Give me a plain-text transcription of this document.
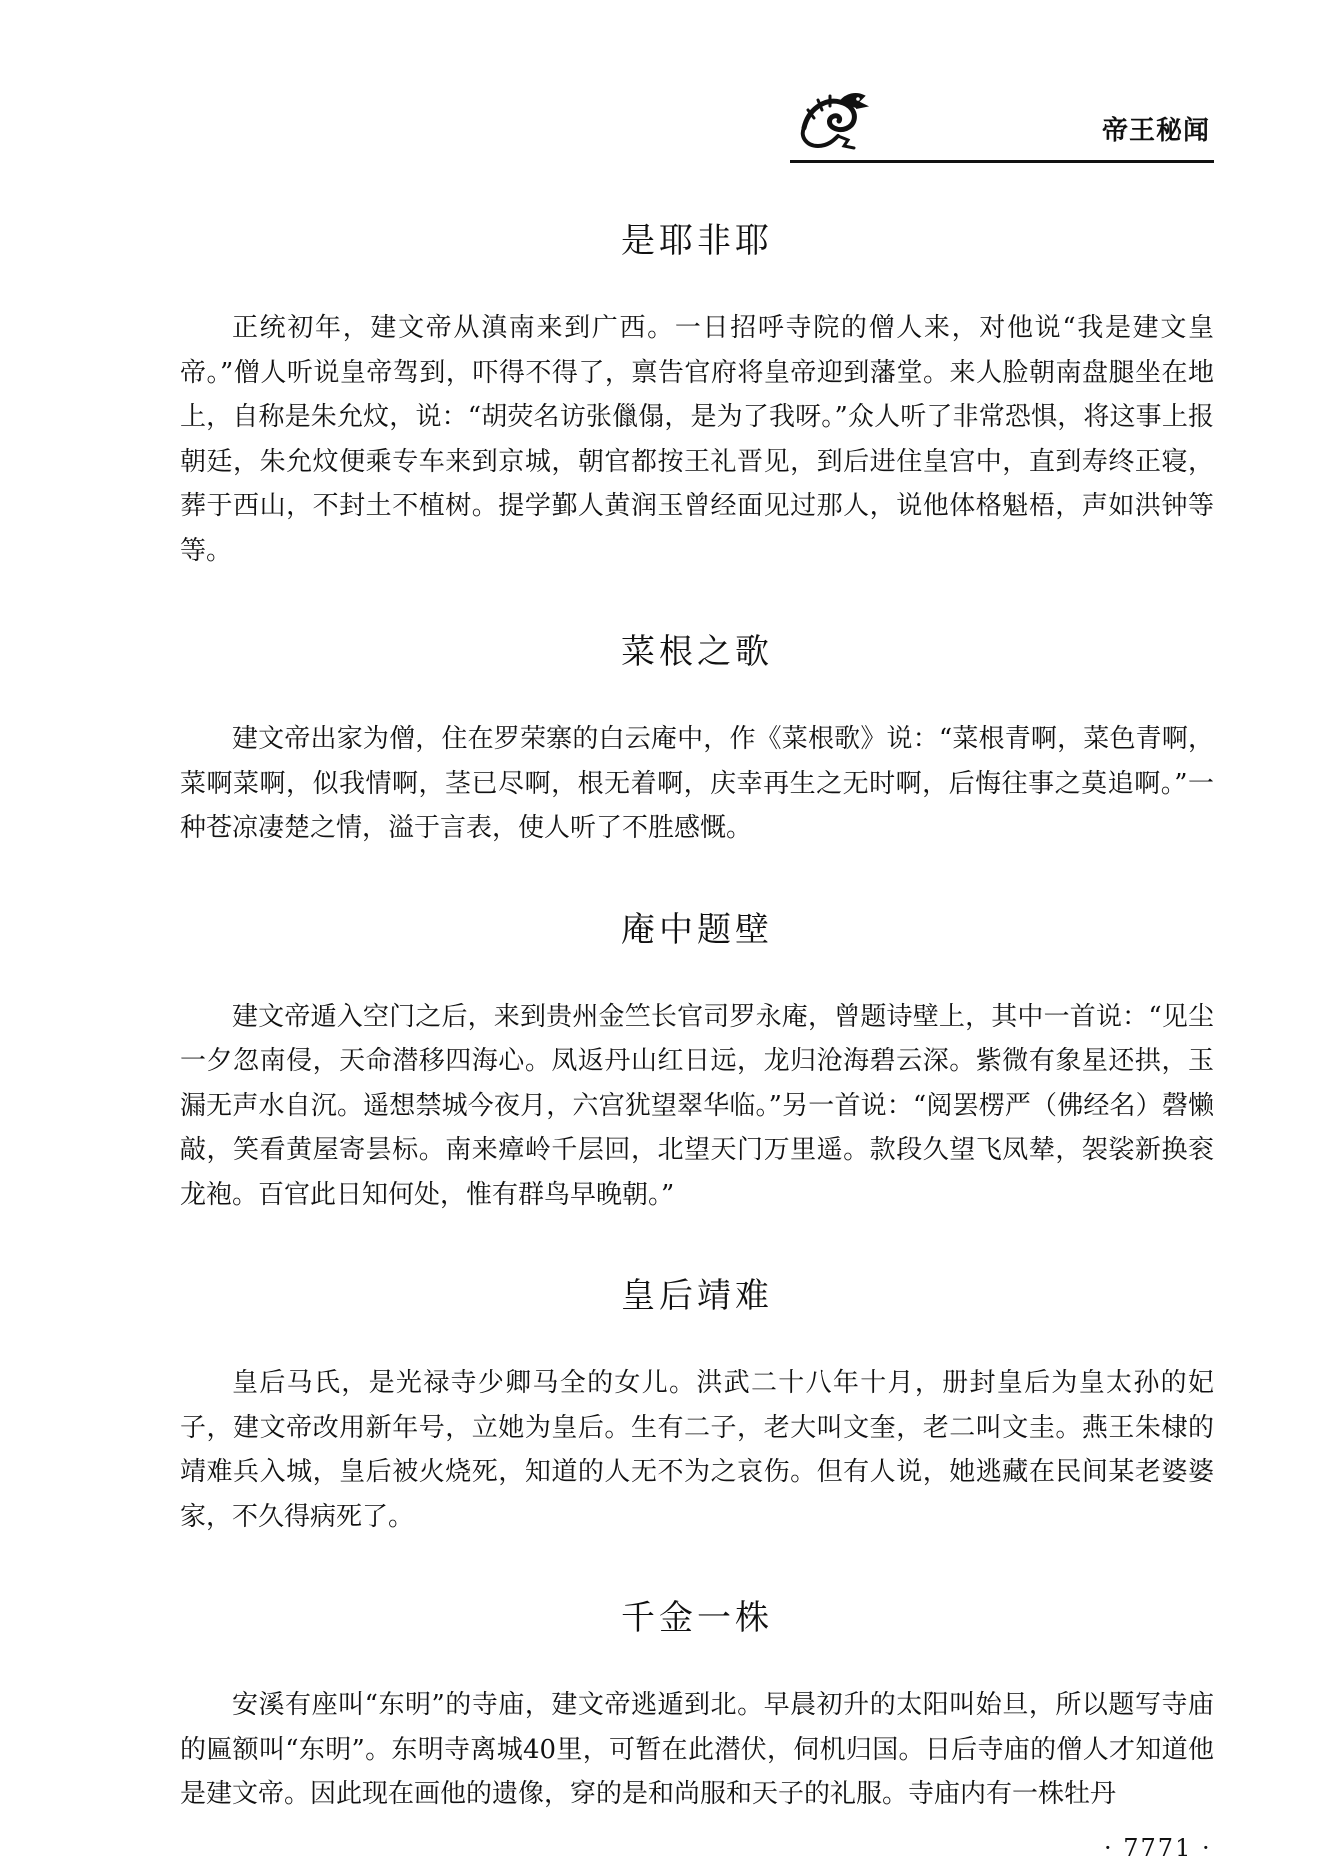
帝王秘闻
是耶非耶

正统初年，建文帝从滇南来到广西。一日招呼寺院的僧人来，对他说“我是建文皇帝。”僧人听说皇帝驾到，吓得不得了，禀告官府将皇帝迎到藩堂。来人脸朝南盘腿坐在地上，自称是朱允炆，说：“胡荧名访张儠傝，是为了我呀。”众人听了非常恐惧，将这事上报朝廷，朱允炆便乘专车来到京城，朝官都按王礼晋见，到后进住皇宫中，直到寿终正寝，葬于西山，不封土不植树。提学鄞人黄润玉曾经面见过那人，说他体格魁梧，声如洪钟等等。

菜根之歌

建文帝出家为僧，住在罗荣寨的白云庵中，作《菜根歌》说：“菜根青啊，菜色青啊，菜啊菜啊，似我情啊，茎已尽啊，根无着啊，庆幸再生之无时啊，后悔往事之莫追啊。”一种苍凉凄楚之情，溢于言表，使人听了不胜感慨。

庵中题壁

建文帝遁入空门之后，来到贵州金竺长官司罗永庵，曾题诗壁上，其中一首说：“见尘一夕忽南侵，天命潜移四海心。凤返丹山红日远，龙归沧海碧云深。紫微有象星还拱，玉漏无声水自沉。遥想禁城今夜月，六宫犹望翠华临。”另一首说：“阅罢楞严（佛经名）磬懒敲，笑看黄屋寄昙标。南来瘴岭千层回，北望天门万里遥。款段久望飞凤辇，袈裟新换衮龙袍。百官此日知何处，惟有群鸟早晚朝。”

皇后靖难

皇后马氏，是光禄寺少卿马全的女儿。洪武二十八年十月，册封皇后为皇太孙的妃子，建文帝改用新年号，立她为皇后。生有二子，老大叫文奎，老二叫文圭。燕王朱棣的靖难兵入城，皇后被火烧死，知道的人无不为之哀伤。但有人说，她逃藏在民间某老婆婆家，不久得病死了。

千金一株

安溪有座叫“东明”的寺庙，建文帝逃遁到北。早晨初升的太阳叫始旦，所以题写寺庙的匾额叫“东明”。东明寺离城40里，可暂在此潜伏，伺机归国。日后寺庙的僧人才知道他是建文帝。因此现在画他的遗像，穿的是和尚服和天子的礼服。寺庙内有一株牡丹

· 7771 ·
